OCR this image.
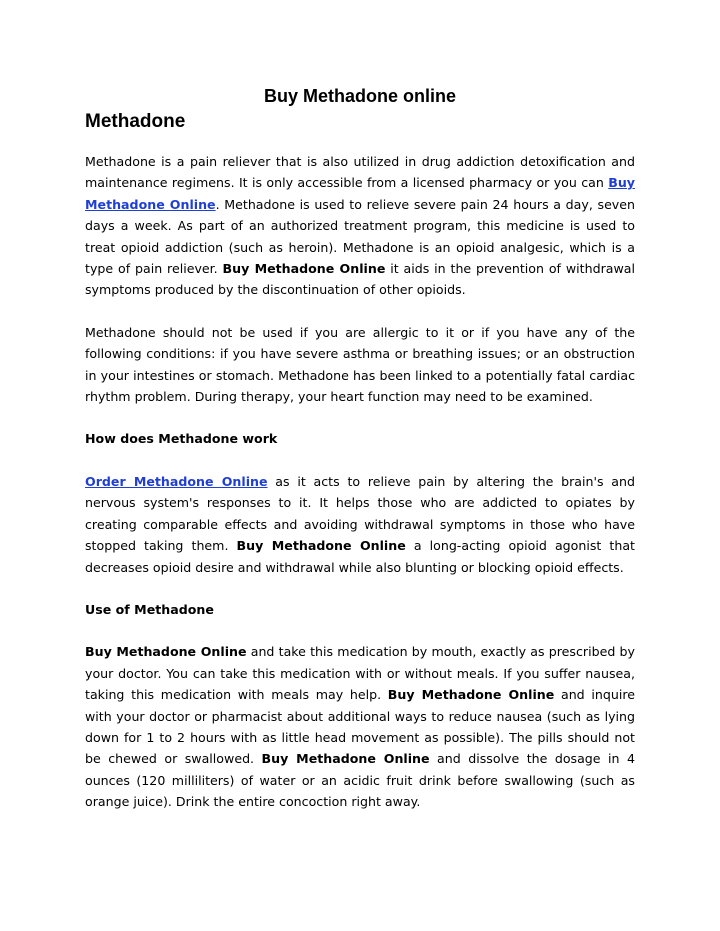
Buy Methadone online
Methadone

Methadone is a pain reliever that is also utilized in drug addiction detoxification and maintenance regimens. It is only accessible from a licensed pharmacy or you can Buy Methadone Online. Methadone is used to relieve severe pain 24 hours a day, seven days a week. As part of an authorized treatment program, this medicine is used to treat opioid addiction (such as heroin). Methadone is an opioid analgesic, which is a type of pain reliever. Buy Methadone Online it aids in the prevention of withdrawal symptoms produced by the discontinuation of other opioids.

Methadone should not be used if you are allergic to it or if you have any of the following conditions: if you have severe asthma or breathing issues; or an obstruction in your intestines or stomach. Methadone has been linked to a potentially fatal cardiac rhythm problem. During therapy, your heart function may need to be examined.

How does Methadone work

Order Methadone Online as it acts to relieve pain by altering the brain's and nervous system's responses to it. It helps those who are addicted to opiates by creating comparable effects and avoiding withdrawal symptoms in those who have stopped taking them. Buy Methadone Online a long-acting opioid agonist that decreases opioid desire and withdrawal while also blunting or blocking opioid effects.

Use of Methadone

Buy Methadone Online and take this medication by mouth, exactly as prescribed by your doctor. You can take this medication with or without meals. If you suffer nausea, taking this medication with meals may help. Buy Methadone Online and inquire with your doctor or pharmacist about additional ways to reduce nausea (such as lying down for 1 to 2 hours with as little head movement as possible). The pills should not be chewed or swallowed. Buy Methadone Online and dissolve the dosage in 4 ounces (120 milliliters) of water or an acidic fruit drink before swallowing (such as orange juice). Drink the entire concoction right away.
